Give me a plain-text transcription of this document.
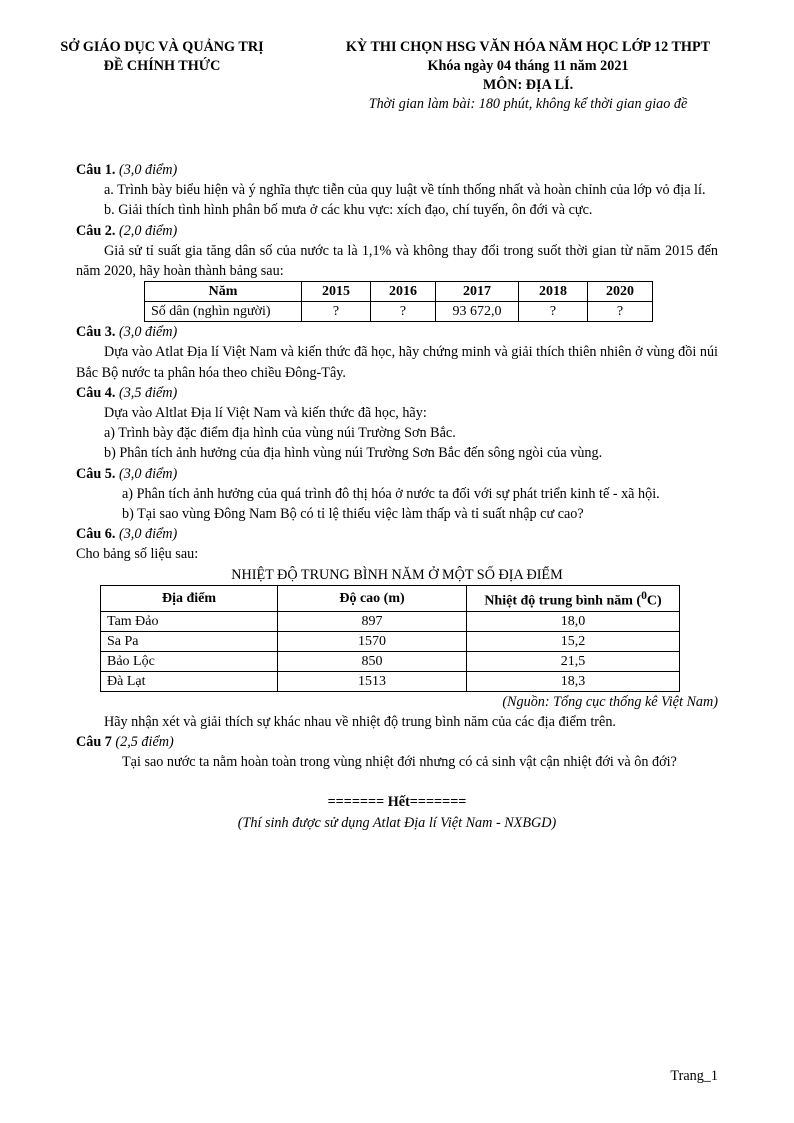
SỞ GIÁO DỤC VÀ QUẢNG TRỊ
ĐỀ CHÍNH THỨC
KỲ THI CHỌN HSG VĂN HÓA NĂM HỌC LỚP 12 THPT
Khóa ngày 04 tháng 11 năm 2021
MÔN: ĐỊA LÍ.
Thời gian làm bài: 180 phút, không kể thời gian giao đề

Câu 1. (3,0 điểm)

a. Trình bày biểu hiện và ý nghĩa thực tiễn của quy luật về tính thống nhất và hoàn chỉnh của lớp vỏ địa lí.

b. Giải thích tình hình phân bố mưa ở các khu vực: xích đạo, chí tuyến, ôn đới và cực.

Câu 2. (2,0 điểm)

Giả sử tỉ suất gia tăng dân số của nước ta là 1,1% và không thay đổi trong suốt thời gian từ năm 2015 đến năm 2020, hãy hoàn thành bảng sau:

Năm	2015	2016	2017	2018	2020
Số dân (nghìn người)	?	?	93 672,0	?	?

Câu 3. (3,0 điểm)

Dựa vào Atlat Địa lí Việt Nam và kiến thức đã học, hãy chứng minh và giải thích thiên nhiên ở vùng đồi núi Bắc Bộ nước ta phân hóa theo chiều Đông-Tây.

Câu 4. (3,5 điểm)

Dựa vào Altlat Địa lí Việt Nam và kiến thức đã học, hãy:

a) Trình bày đặc điểm địa hình của vùng núi Trường Sơn Bắc.

b) Phân tích ảnh hưởng của địa hình vùng núi Trường Sơn Bắc đến sông ngòi của vùng.

Câu 5. (3,0 điểm)

a) Phân tích ảnh hưởng của quá trình đô thị hóa ở nước ta đối với sự phát triển kinh tế - xã hội.

b) Tại sao vùng Đông Nam Bộ có tỉ lệ thiếu việc làm thấp và tỉ suất nhập cư cao?

Câu 6. (3,0 điểm)

Cho bảng số liệu sau:

NHIỆT ĐỘ TRUNG BÌNH NĂM Ở MỘT SỐ ĐỊA ĐIỂM

Địa điểm	Độ cao (m)	Nhiệt độ trung bình năm ($^0$C)
Tam Đảo	897	18,0
Sa Pa	1570	15,2
Bảo Lộc	850	21,5
Đà Lạt	1513	18,3

(Nguồn: Tổng cục thống kê Việt Nam)

Hãy nhận xét và giải thích sự khác nhau về nhiệt độ trung bình năm của các địa điểm trên.

Câu 7 (2,5 điểm)

Tại sao nước ta nằm hoàn toàn trong vùng nhiệt đới nhưng có cả sinh vật cận nhiệt đới và ôn đới?

======= Hết=======

(Thí sinh được sử dụng Atlat Địa lí Việt Nam - NXBGD)

Trang_1
